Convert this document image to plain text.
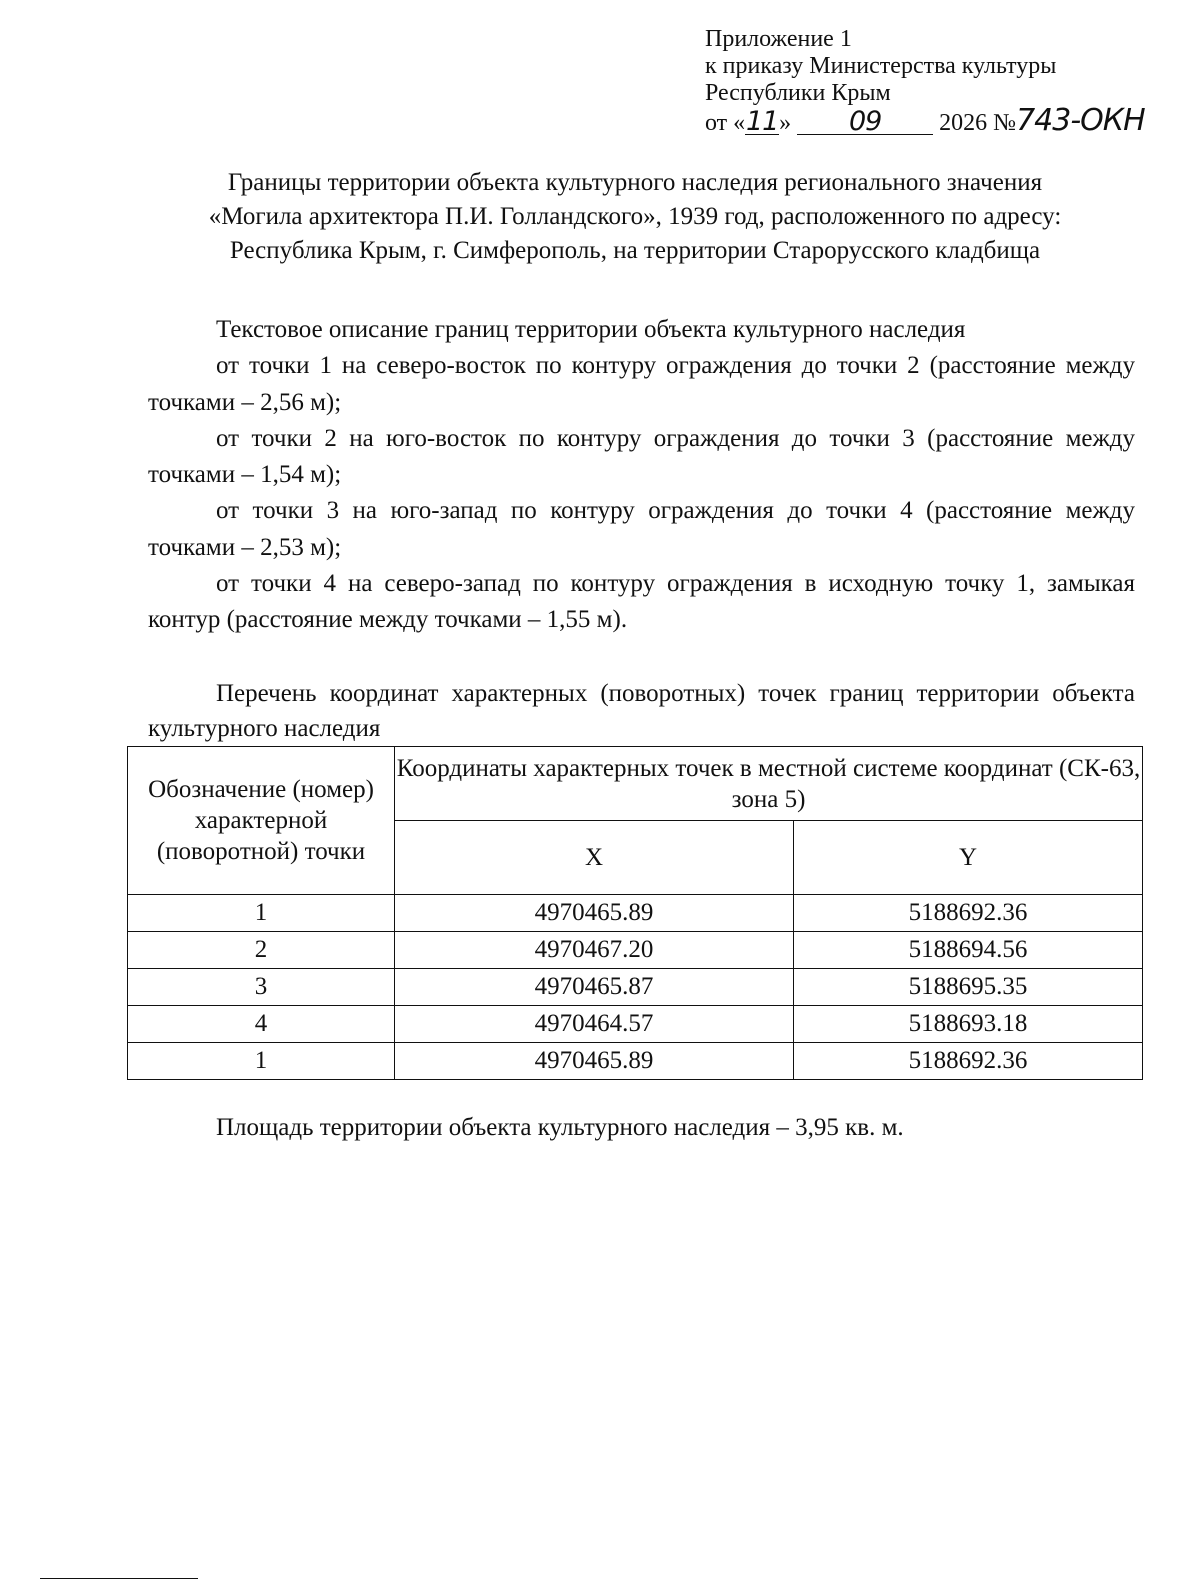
Приложение 1
к приказу Министерства культуры
Республики Крым
от «11» 09 2026 №743-ОКН
Границы территории объекта культурного наследия регионального значения
«Могила архитектора П.И. Голландского», 1939 год, расположенного по адресу:
Республика Крым, г. Симферополь, на территории Старорусского кладбища

Текстовое описание границ территории объекта культурного наследия

от точки 1 на северо-восток по контуру ограждения до точки 2 (расстояние между точками – 2,56 м);

от точки 2 на юго-восток по контуру ограждения до точки 3 (расстояние между точками – 1,54 м);

от точки 3 на юго-запад по контуру ограждения до точки 4 (расстояние между точками – 2,53 м);

от точки 4 на северо-запад по контуру ограждения в исходную точку 1, замыкая контур (расстояние между точками – 1,55 м).

Перечень координат характерных (поворотных) точек границ территории объекта культурного наследия
Обозначение (номер) характерной (поворотной) точки	Координаты характерных точек в местной системе координат (СК-63, зона 5)	
	X	Y
1	4970465.89	5188692.36
2	4970467.20	5188694.56
3	4970465.87	5188695.35
4	4970464.57	5188693.18
1	4970465.89	5188692.36
Площадь территории объекта культурного наследия – 3,95 кв. м.
